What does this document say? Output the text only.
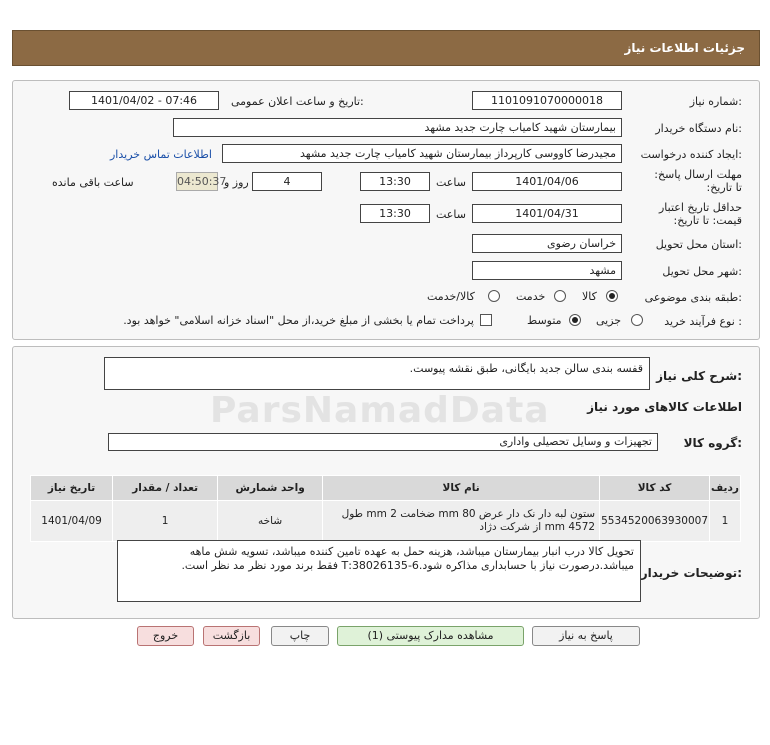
جزئیات اطلاعات نیاز
شماره نیاز:
1101091070000018
تاریخ و ساعت اعلان عمومی:
1401/04/02 - 07:46
نام دستگاه خریدار:
بیمارستان شهید کامیاب چارت جدید مشهد
ایجاد کننده درخواست:
مجیدرضا کاووسی کارپرداز بیمارستان شهید کامیاب چارت جدید مشهد
اطلاعات تماس خریدار
مهلت ارسال پاسخ: تا تاریخ:
1401/04/06
ساعت
13:30
4
روز و
04:50:37
ساعت باقی مانده
حداقل تاریخ اعتبار قیمت: تا تاریخ:
1401/04/31
ساعت
13:30
استان محل تحویل:
خراسان رضوی
شهر محل تحویل:
مشهد
طبقه بندی موضوعی:
کالا
خدمت
کالا/خدمت
نوع فرآیند خرید :
جزیی
متوسط
پرداخت تمام یا بخشی از مبلغ خرید،از محل "اسناد خزانه اسلامی" خواهد بود.
ParsNamadData
شرح کلی نیاز:
قفسه بندی سالن جدید بایگانی، طبق نقشه پیوست.
اطلاعات کالاهای مورد نیاز
گروه کالا:
تجهیزات و وسایل تحصیلی واداری
ردیف	کد کالا	نام کالا	واحد شمارش	تعداد / مقدار	تاریخ نیاز
1	5534520063930007	ستون لبه دار نک دار عرض 80 mm ضخامت 2 mm طول 4572 mm از شرکت دژاد	شاخه	1	1401/04/09
توضیحات خریدار:
تحویل کالا درب انبار بیمارستان میباشد، هزینه حمل به عهده تامین کننده میباشد، تسویه شش ماهه میباشد.درصورت نیاز با حسابداری مذاکره شود.6-38026135:T فقط برند مورد نظر مد نظر است.
پاسخ به نیاز
مشاهده مدارک پیوستی (1)
چاپ
بازگشت
خروج
